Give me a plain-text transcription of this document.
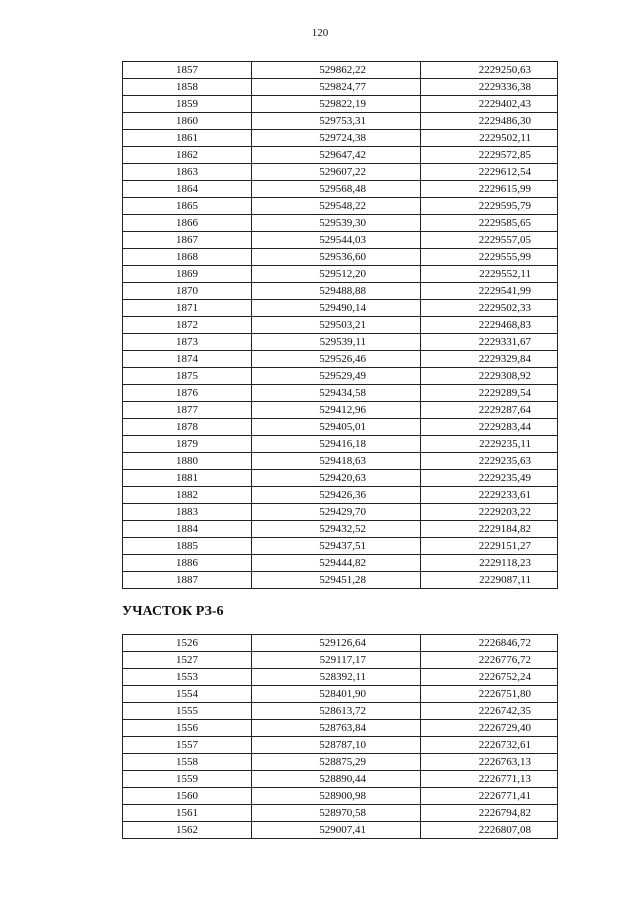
120
1857	529862,22	2229250,63
1858	529824,77	2229336,38
1859	529822,19	2229402,43
1860	529753,31	2229486,30
1861	529724,38	2229502,11
1862	529647,42	2229572,85
1863	529607,22	2229612,54
1864	529568,48	2229615,99
1865	529548,22	2229595,79
1866	529539,30	2229585,65
1867	529544,03	2229557,05
1868	529536,60	2229555,99
1869	529512,20	2229552,11
1870	529488,88	2229541,99
1871	529490,14	2229502,33
1872	529503,21	2229468,83
1873	529539,11	2229331,67
1874	529526,46	2229329,84
1875	529529,49	2229308,92
1876	529434,58	2229289,54
1877	529412,96	2229287,64
1878	529405,01	2229283,44
1879	529416,18	2229235,11
1880	529418,63	2229235,63
1881	529420,63	2229235,49
1882	529426,36	2229233,61
1883	529429,70	2229203,22
1884	529432,52	2229184,82
1885	529437,51	2229151,27
1886	529444,82	2229118,23
1887	529451,28	2229087,11
УЧАСТОК РЗ-6
1526	529126,64	2226846,72
1527	529117,17	2226776,72
1553	528392,11	2226752,24
1554	528401,90	2226751,80
1555	528613,72	2226742,35
1556	528763,84	2226729,40
1557	528787,10	2226732,61
1558	528875,29	2226763,13
1559	528890,44	2226771,13
1560	528900,98	2226771,41
1561	528970,58	2226794,82
1562	529007,41	2226807,08
